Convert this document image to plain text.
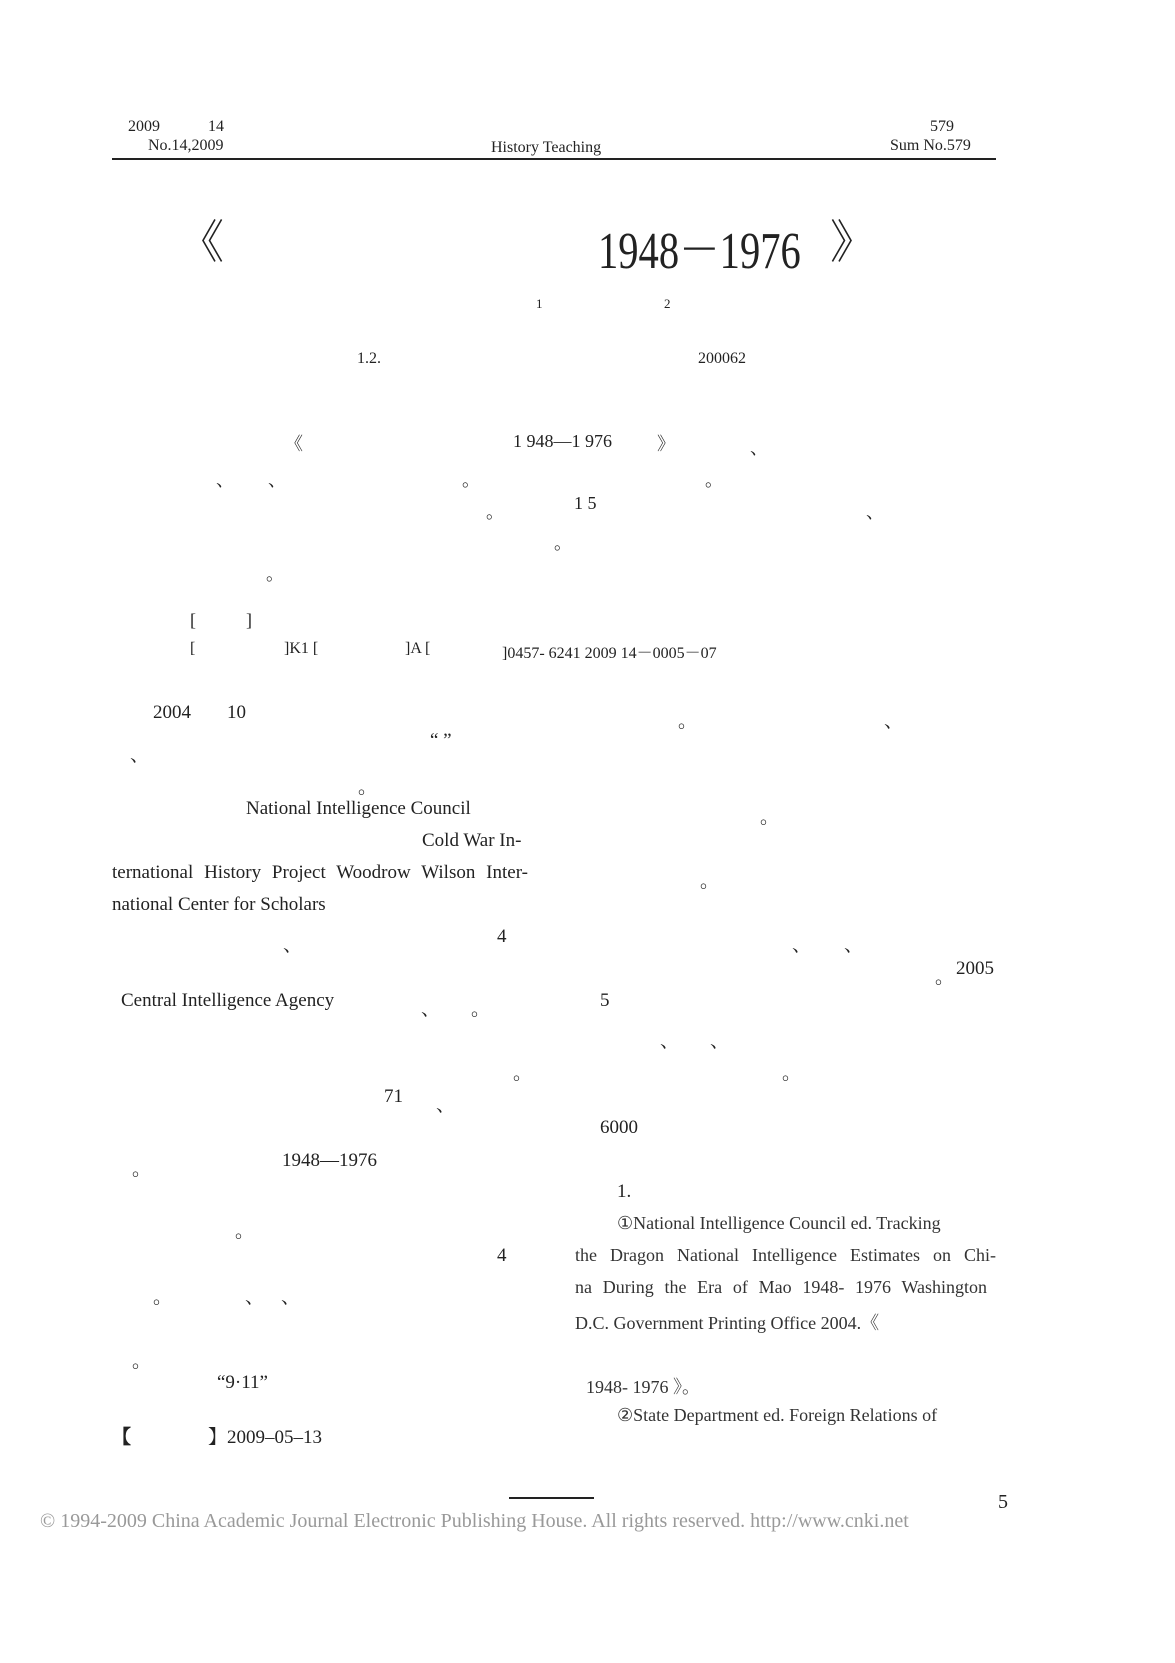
2009	14
No.14,2009	History Teaching
579
Sum No.579
《	1948－1976 》
1	2
1.2.	200062
《	1 948—1 976	》	、
、 、	。	。
。	1 5	、
。
。
[	]
[	]K1 [	]A [	]0457- 6241 2009 14－0005－07
2004 10
、
“ ”
。
National Intelligence Council
Cold War In-
ternational History Project Woodrow Wilson Inter-
national Center for Scholars
、	4
Central Intelligence Agency	、 。
。
71 、
。	1948—1976
。
4
。	、 、
。
“9·11”
【	】2009–05–13
。	、
。
。
、 、
。 2005
5
、 、
。
6000
1.
①National Intelligence Council ed. Tracking
the Dragon National Intelligence Estimates on Chi-
na During the Era of Mao 1948- 1976 Washington
D.C. Government Printing Office 2004.《
1948- 1976 》。
②State Department ed. Foreign Relations of
5
© 1994-2009 China Academic Journal Electronic Publishing House. All rights reserved. http://www.cnki.net
